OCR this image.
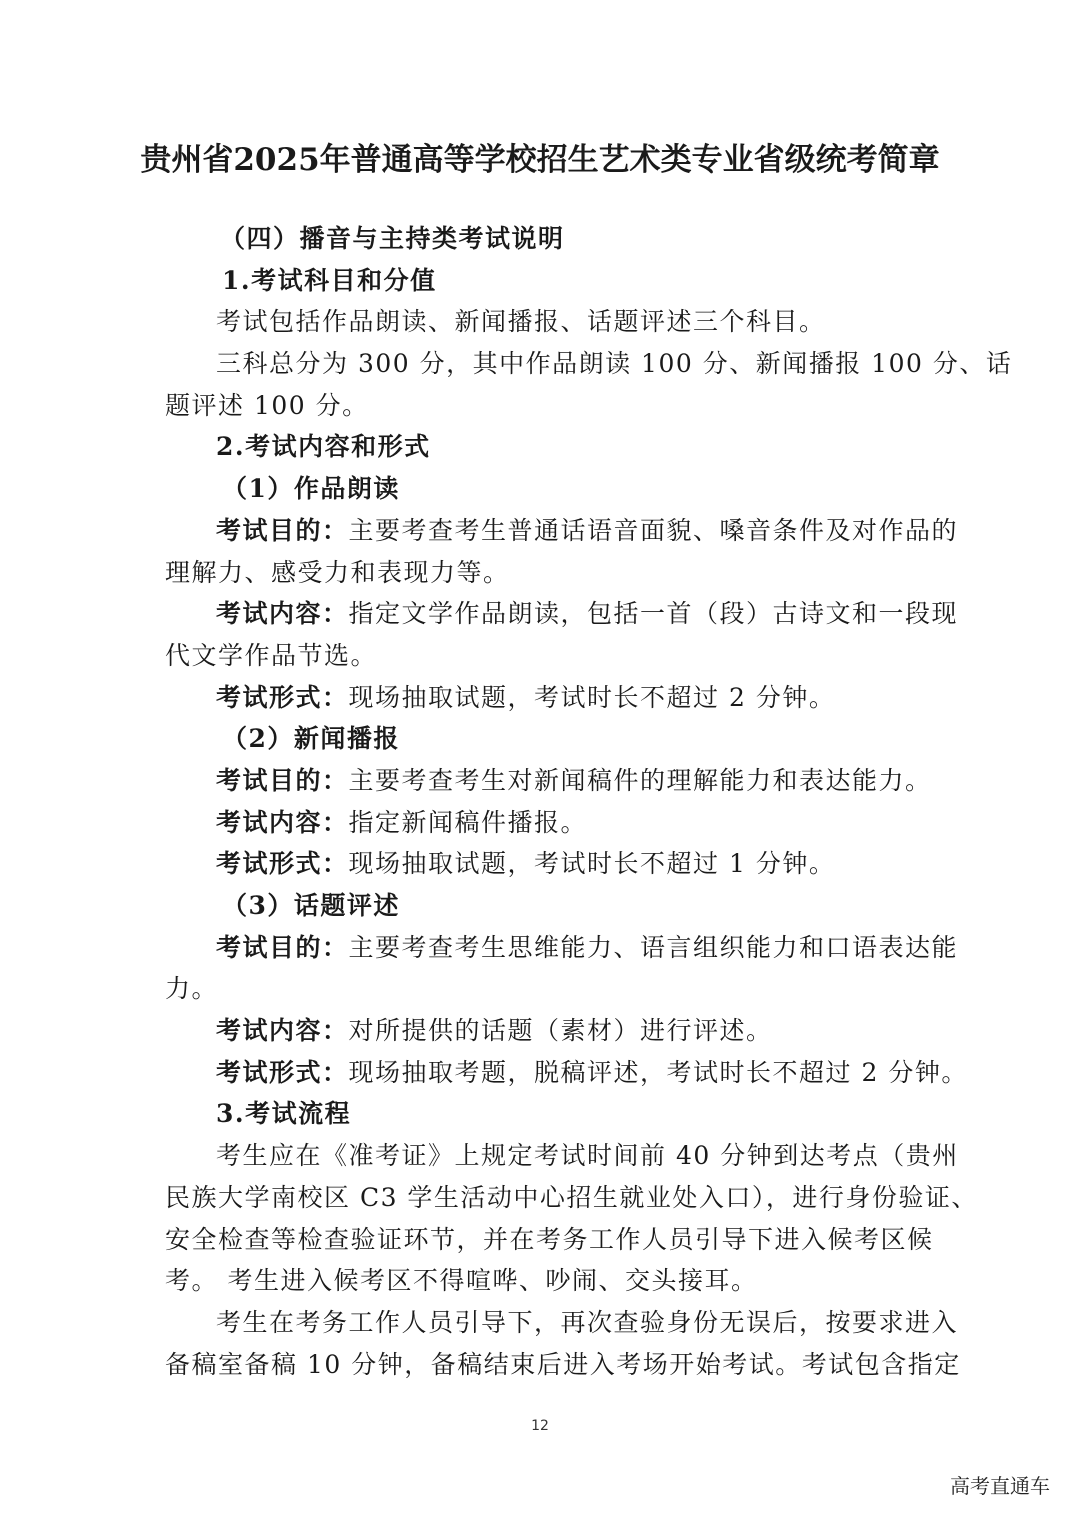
贵州省2025年普通高等学校招生艺术类专业省级统考简章
（四）播音与主持类考试说明
1.考试科目和分值
考试包括作品朗读、新闻播报、话题评述三个科目。
三科总分为 300 分，其中作品朗读 100 分、新闻播报 100 分、话
题评述 100 分。
2.考试内容和形式
（1）作品朗读
考试目的：主要考查考生普通话语音面貌、嗓音条件及对作品的
理解力、感受力和表现力等。
考试内容：指定文学作品朗读，包括一首（段）古诗文和一段现
代文学作品节选。
考试形式：现场抽取试题，考试时长不超过 2 分钟。
（2）新闻播报
考试目的：主要考查考生对新闻稿件的理解能力和表达能力。
考试内容：指定新闻稿件播报。
考试形式：现场抽取试题，考试时长不超过 1 分钟。
（3）话题评述
考试目的：主要考查考生思维能力、语言组织能力和口语表达能
力。
考试内容：对所提供的话题（素材）进行评述。
考试形式：现场抽取考题，脱稿评述，考试时长不超过 2 分钟。
3.考试流程
考生应在《准考证》上规定考试时间前 40 分钟到达考点（贵州
民族大学南校区 C3 学生活动中心招生就业处入口），进行身份验证、
安全检查等检查验证环节，并在考务工作人员引导下进入候考区候
考。 考生进入候考区不得喧哗、吵闹、交头接耳。
考生在考务工作人员引导下，再次查验身份无误后，按要求进入
备稿室备稿 10 分钟，备稿结束后进入考场开始考试。考试包含指定
12
高考直通车
